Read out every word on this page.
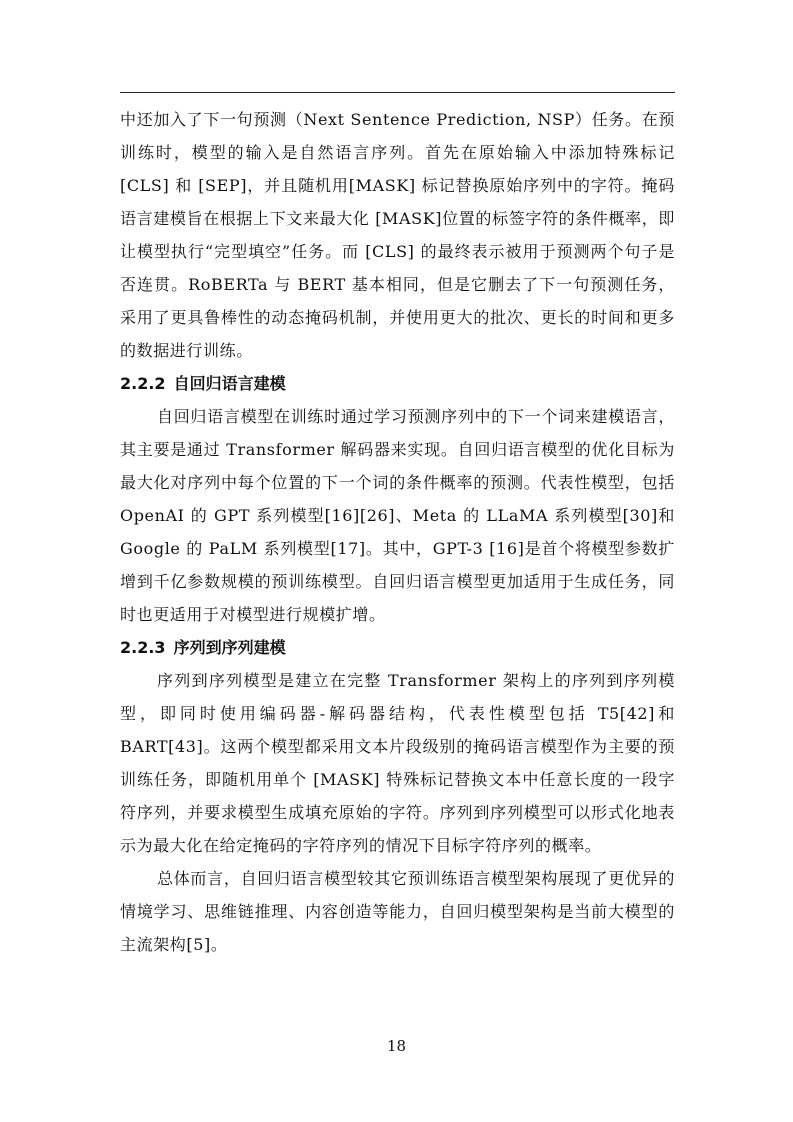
中还加入了下一句预测（Next Sentence Prediction, NSP）任务。在预训练时，模型的输入是自然语言序列。首先在原始输入中添加特殊标记 [CLS] 和 [SEP]，并且随机用[MASK] 标记替换原始序列中的字符。掩码语言建模旨在根据上下文来最大化 [MASK]位置的标签字符的条件概率，即让模型执行“完型填空”任务。而 [CLS] 的最终表示被用于预测两个句子是否连贯。RoBERTa 与 BERT 基本相同，但是它删去了下一句预测任务，采用了更具鲁棒性的动态掩码机制，并使用更大的批次、更长的时间和更多的数据进行训练。

2.2.2 自回归语言建模

自回归语言模型在训练时通过学习预测序列中的下一个词来建模语言，其主要是通过 Transformer 解码器来实现。自回归语言模型的优化目标为最大化对序列中每个位置的下一个词的条件概率的预测。代表性模型，包括 OpenAI 的 GPT 系列模型[16][26]、Meta 的 LLaMA 系列模型[30]和 Google 的 PaLM 系列模型[17]。其中，GPT-3 [16]是首个将模型参数扩增到千亿参数规模的预训练模型。自回归语言模型更加适用于生成任务，同时也更适用于对模型进行规模扩增。

2.2.3 序列到序列建模

序列到序列模型是建立在完整 Transformer 架构上的序列到序列模型，即同时使用编码器-解码器结构，代表性模型包括 T5[42]和BART[43]。这两个模型都采用文本片段级别的掩码语言模型作为主要的预训练任务，即随机用单个 [MASK] 特殊标记替换文本中任意长度的一段字符序列，并要求模型生成填充原始的字符。序列到序列模型可以形式化地表示为最大化在给定掩码的字符序列的情况下目标字符序列的概率。

总体而言，自回归语言模型较其它预训练语言模型架构展现了更优异的情境学习、思维链推理、内容创造等能力，自回归模型架构是当前大模型的主流架构[5]。

18
